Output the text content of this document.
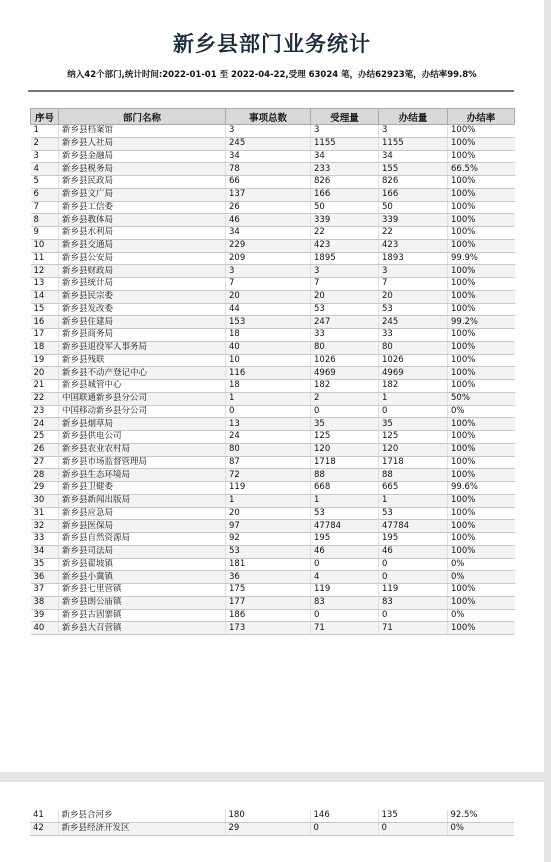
新乡县部门业务统计
纳入42个部门,统计时间:2022-01-01 至 2022-04-22,受理 63024 笔，办结62923笔，办结率99.8%
序号	部门名称	事项总数	受理量	办结量	办结率
1	新乡县档案馆	3	3	3	100%
2	新乡县人社局	245	1155	1155	100%
3	新乡县金融局	34	34	34	100%
4	新乡县税务局	78	233	155	66.5%
5	新乡县民政局	66	826	826	100%
6	新乡县文广局	137	166	166	100%
7	新乡县工信委	26	50	50	100%
8	新乡县教体局	46	339	339	100%
9	新乡县水利局	34	22	22	100%
10	新乡县交通局	229	423	423	100%
11	新乡县公安局	209	1895	1893	99.9%
12	新乡县财政局	3	3	3	100%
13	新乡县统计局	7	7	7	100%
14	新乡县民宗委	20	20	20	100%
15	新乡县发改委	44	53	53	100%
16	新乡县住建局	153	247	245	99.2%
17	新乡县商务局	18	33	33	100%
18	新乡县退役军人事务局	40	80	80	100%
19	新乡县残联	10	1026	1026	100%
20	新乡县不动产登记中心	116	4969	4969	100%
21	新乡县城管中心	18	182	182	100%
22	中国联通新乡县分公司	1	2	1	50%
23	中国移动新乡县分公司	0	0	0	0%
24	新乡县烟草局	13	35	35	100%
25	新乡县供电公司	24	125	125	100%
26	新乡县农业农村局	80	120	120	100%
27	新乡县市场监督管理局	87	1718	1718	100%
28	新乡县生态环境局	72	88	88	100%
29	新乡县卫健委	119	668	665	99.6%
30	新乡县新闻出版局	1	1	1	100%
31	新乡县应急局	20	53	53	100%
32	新乡县医保局	97	47784	47784	100%
33	新乡县自然资源局	92	195	195	100%
34	新乡县司法局	53	46	46	100%
35	新乡县翟坡镇	181	0	0	0%
36	新乡县小冀镇	36	4	0	0%
37	新乡县七里营镇	175	119	119	100%
38	新乡县朗公庙镇	177	83	83	100%
39	新乡县古固寨镇	186	0	0	0%
40	新乡县大召营镇	173	71	71	100%
41	新乡县合河乡	180	146	135	92.5%
42	新乡县经济开发区	29	0	0	0%
